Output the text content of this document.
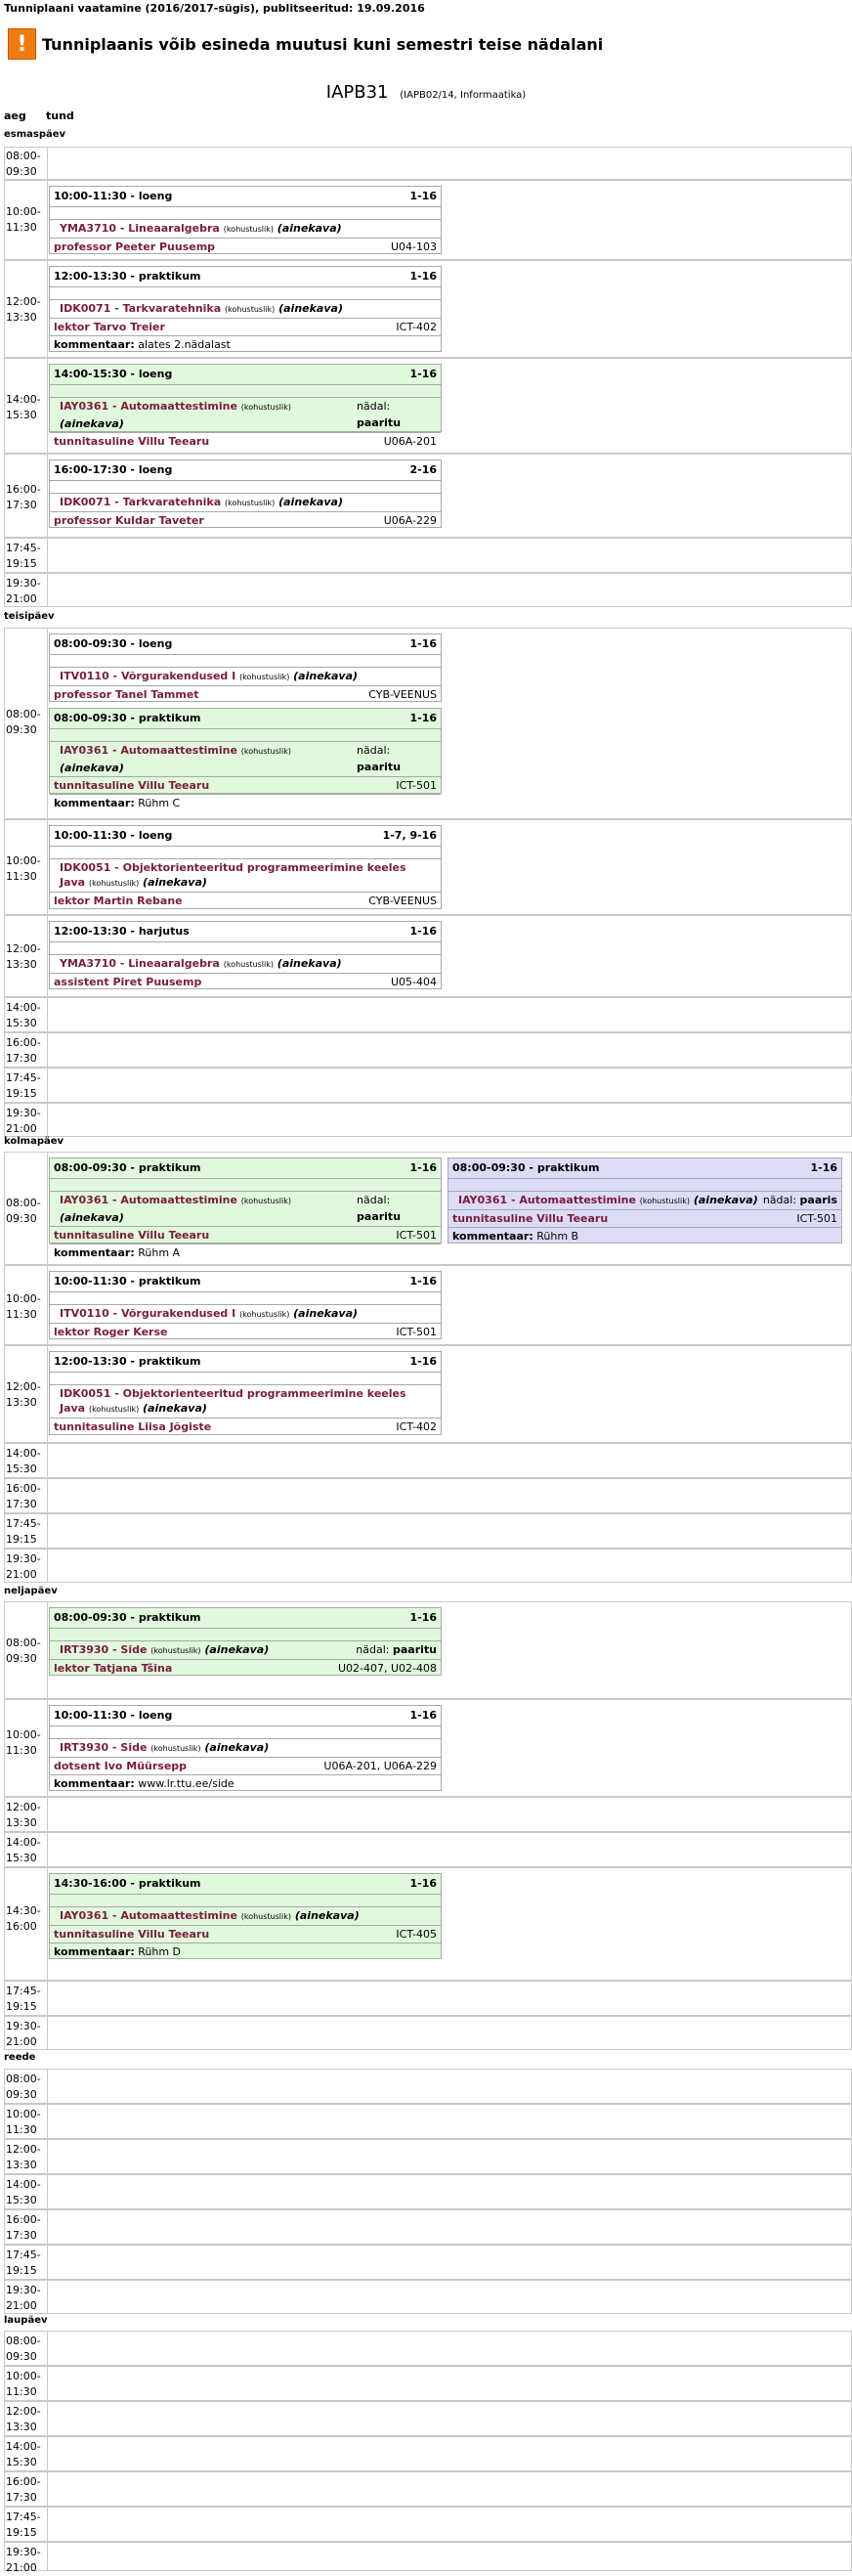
Tunniplaani vaatamine (2016/2017-sügis), publitseeritud: 19.09.2016
! Tunniplaanis võib esineda muutusi kuni semestri teise nädalani
IAPB31 (IAPB02/14, Informaatika)
aeg tund
esmaspäev
08:00-
09:30
10:00-
11:30
10:00-11:30 - loeng	1-16
YMA3710 - Lineaaralgebra (kohustuslik) (ainekava)
professor Peeter Puusemp	U04-103
12:00-
13:30
12:00-13:30 - praktikum	1-16
IDK0071 - Tarkvaratehnika (kohustuslik) (ainekava)
lektor Tarvo Treier	ICT-402
kommentaar: alates 2.nädalast
14:00-
15:30
14:00-15:30 - loeng	1-16
IAY0361 - Automaattestimine (kohustuslik) (ainekava)
nädal: paaritu
tunnitasuline Villu Teearu	U06A-201
16:00-
17:30
16:00-17:30 - loeng	2-16
IDK0071 - Tarkvaratehnika (kohustuslik) (ainekava)
professor Kuldar Taveter	U06A-229
17:45-
19:15
19:30-
21:00
teisipäev
08:00-
09:30
08:00-09:30 - loeng	1-16
ITV0110 - Võrgurakendused I (kohustuslik) (ainekava)
professor Tanel Tammet	CYB-VEENUS
08:00-09:30 - praktikum	1-16
IAY0361 - Automaattestimine (kohustuslik) (ainekava)
nädal: paaritu
tunnitasuline Villu Teearu	ICT-501
kommentaar: Rühm C
10:00-
11:30
10:00-11:30 - loeng	1-7, 9-16
IDK0051 - Objektorienteeritud programmeerimine keeles
Java (kohustuslik) (ainekava)
lektor Martin Rebane	CYB-VEENUS
12:00-
13:30
12:00-13:30 - harjutus	1-16
YMA3710 - Lineaaralgebra (kohustuslik) (ainekava)
assistent Piret Puusemp	U05-404
14:00-
15:30
16:00-
17:30
17:45-
19:15
19:30-
21:00
kolmapäev
08:00-
09:30
08:00-09:30 - praktikum	1-16
IAY0361 - Automaattestimine (kohustuslik) (ainekava)
nädal: paaritu
tunnitasuline Villu Teearu	ICT-501
kommentaar: Rühm A
08:00-09:30 - praktikum	1-16
IAY0361 - Automaattestimine (kohustuslik) (ainekava) nädal: paaris
tunnitasuline Villu Teearu	ICT-501
kommentaar: Rühm B
10:00-
11:30
10:00-11:30 - praktikum	1-16
ITV0110 - Võrgurakendused I (kohustuslik) (ainekava)
lektor Roger Kerse	ICT-501
12:00-
13:30
12:00-13:30 - praktikum	1-16
IDK0051 - Objektorienteeritud programmeerimine keeles
Java (kohustuslik) (ainekava)
tunnitasuline Liisa Jõgiste	ICT-402
14:00-
15:30
16:00-
17:30
17:45-
19:15
19:30-
21:00
neljapäev
08:00-
09:30
08:00-09:30 - praktikum	1-16
IRT3930 - Side (kohustuslik) (ainekava)	nädal: paaritu
lektor Tatjana Tšina	U02-407, U02-408
10:00-
11:30
10:00-11:30 - loeng	1-16
IRT3930 - Side (kohustuslik) (ainekava)
dotsent Ivo Müürsepp	U06A-201, U06A-229
kommentaar: www.lr.ttu.ee/side
12:00-
13:30
14:00-
15:30
14:30-
16:00
14:30-16:00 - praktikum	1-16
IAY0361 - Automaattestimine (kohustuslik) (ainekava)
tunnitasuline Villu Teearu	ICT-405
kommentaar: Rühm D
17:45-
19:15
19:30-
21:00
reede
08:00-
09:30
10:00-
11:30
12:00-
13:30
14:00-
15:30
16:00-
17:30
17:45-
19:15
19:30-
21:00
laupäev
08:00-
09:30
10:00-
11:30
12:00-
13:30
14:00-
15:30
16:00-
17:30
17:45-
19:15
19:30-
21:00
